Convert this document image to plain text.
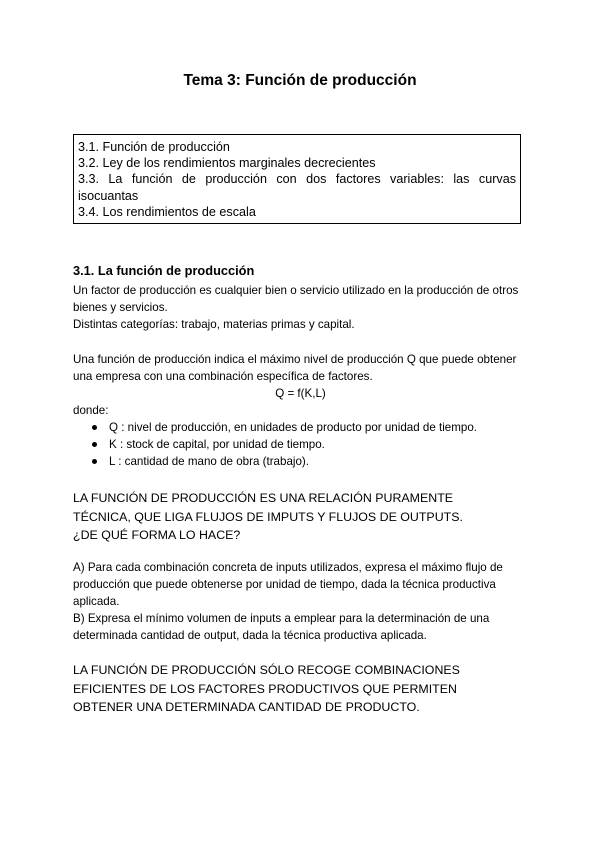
Tema 3: Función de producción
3.1. Función de producción
3.2. Ley de los rendimientos marginales decrecientes
3.3. La función de producción con dos factores variables: las curvas isocuantas
3.4. Los rendimientos de escala
3.1. La función de producción

Un factor de producción es cualquier bien o servicio utilizado en la producción de otros bienes y servicios.

Distintas categorías: trabajo, materias primas y capital.

Una función de producción indica el máximo nivel de producción Q que puede obtener una empresa con una combinación específica de factores.

Q = f(K,L)

donde:

Q : nivel de producción, en unidades de producto por unidad de tiempo.
K : stock de capital, por unidad de tiempo.
L : cantidad de mano de obra (trabajo).

LA FUNCIÓN DE PRODUCCIÓN ES UNA RELACIÓN PURAMENTE

TÉCNICA, QUE LIGA FLUJOS DE IMPUTS Y FLUJOS DE OUTPUTS.

¿DE QUÉ FORMA LO HACE?

A) Para cada combinación concreta de inputs utilizados, expresa el máximo flujo de producción que puede obtenerse por unidad de tiempo, dada la técnica productiva aplicada.

B) Expresa el mínimo volumen de inputs a emplear para la determinación de una determinada cantidad de output, dada la técnica productiva aplicada.

LA FUNCIÓN DE PRODUCCIÓN SÓLO RECOGE COMBINACIONES

EFICIENTES DE LOS FACTORES PRODUCTIVOS QUE PERMITEN

OBTENER UNA DETERMINADA CANTIDAD DE PRODUCTO.
